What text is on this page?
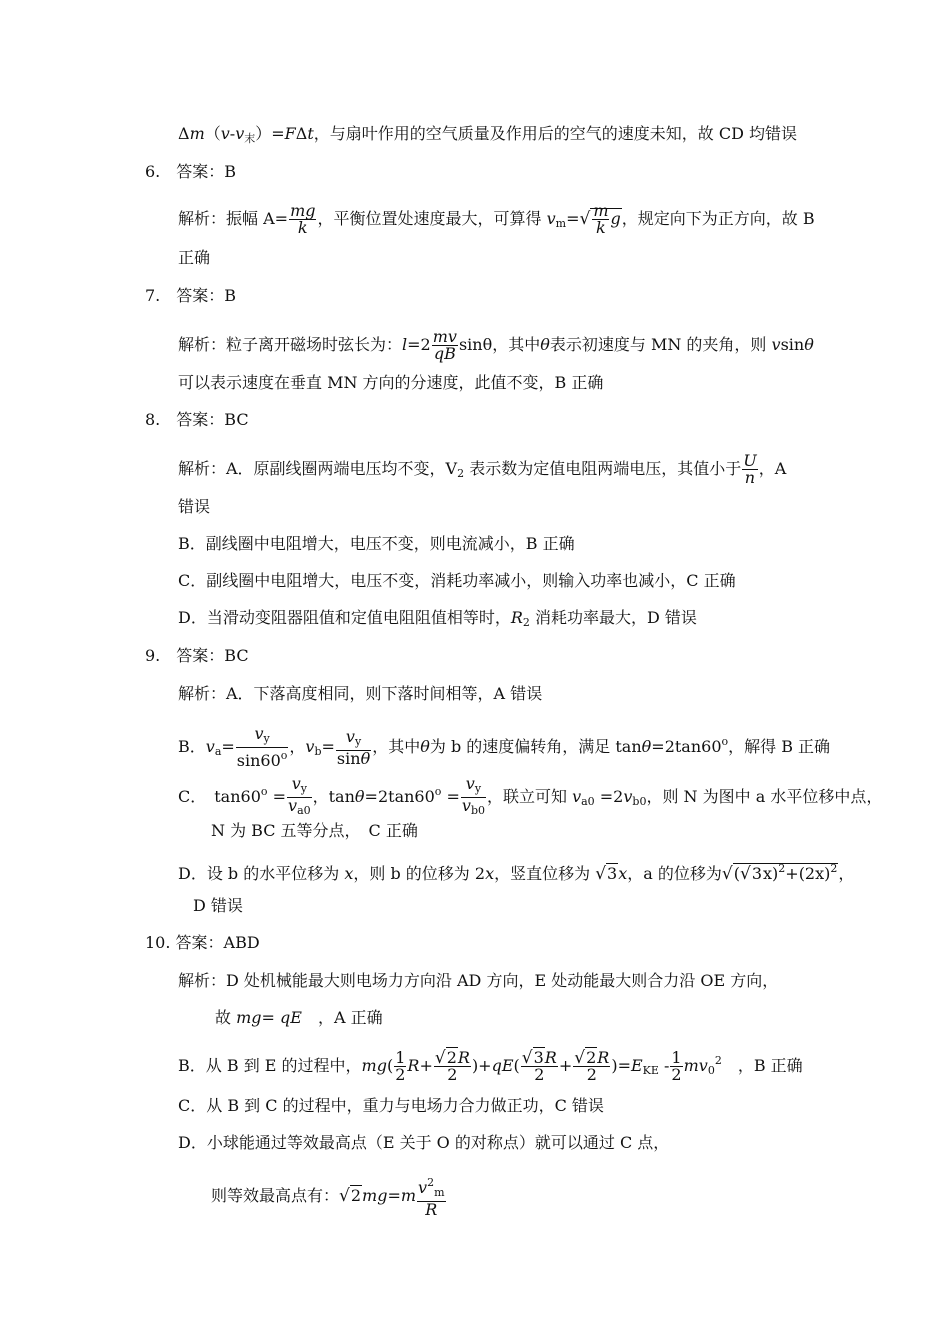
$\Delta m(v-v_末)=F\Delta t$，与扇叶作用的空气质量及作用后的空气的速度未知，故 CD 均错误
6.　 答案：B
解析：振幅 $A= \frac{mg}{k}$ ，平衡位置处速度最大，可算得 $v_m=√ \frac{m}{k}$ g，规定向下为正方向，故 B
正确
7.　 答案：B
解析：粒子离开磁场时弦长为：$l=2 \frac{mv}{qB}$ sinθ，其中θ表示初速度与 MN 的夹角，则 vsinθ
可以表示速度在垂直 MN 方向的分速度，此值不变，B 正确
8.　 答案：BC
解析：A．原副线圈两端电压均不变，$V_2$ 表示数为定值电阻两端电压，其值小于 $\frac{U}{n}$ ，A
错误
B．副线圈中电阻增大，电压不变，则电流减小，B 正确
C．副线圈中电阻增大，电压不变，消耗功率减小，则输入功率也减小，C 正确
D．当滑动变阻器阻值和定值电阻阻值相等时，$R_2$ 消耗功率最大，D 错误
9.　 答案：BC
解析：A．下落高度相同，则下落时间相等，A 错误
B．$v_a= \frac{v_y}{\sin 60^o}$ ，$v_b= \frac{v_y}{\sin\theta}$ ，其中θ为 b 的速度偏转角，满足 $\tan\theta=2\tan 60^o$，解得 B 正确
C．　$\tan 60^o = \frac{v_y}{v_{a0}}$ ，$\tan\theta=2\tan 60^o = \frac{v_y}{v_{b0}}$ ，联立可知 $v_{a0} =2v_{b0}$，则 N 为图中 a 水平位移中点，
N 为 BC 五等分点，　C 正确
D．设 b 的水平位移为 x，则 b 的位移为 2x，竖直位移为 √3x，a 的位移为$√(√3x)^2+(2x)^2$，
D 错误
10. 答案：ABD
解析：D 处机械能最大则电场力方向沿 AD 方向，E 处动能最大则合力沿 OE 方向，
故 mg= qE　，A 正确
B．从 B 到 E 的过程中，$mg( \frac{1}{2} R+ \frac{√2R}{2} )+qE( \frac{√3R}{2} + \frac{√2R}{2} )=E_{KE} - \frac{1}{2} mv_0^2$　，B 正确
C．从 B 到 C 的过程中，重力与电场力合力做正功，C 错误
D．小球能通过等效最高点（E 关于 O 的对称点）就可以通过 C 点，
则等效最高点有：$√2mg=m \frac{v^2_m}{R}$
